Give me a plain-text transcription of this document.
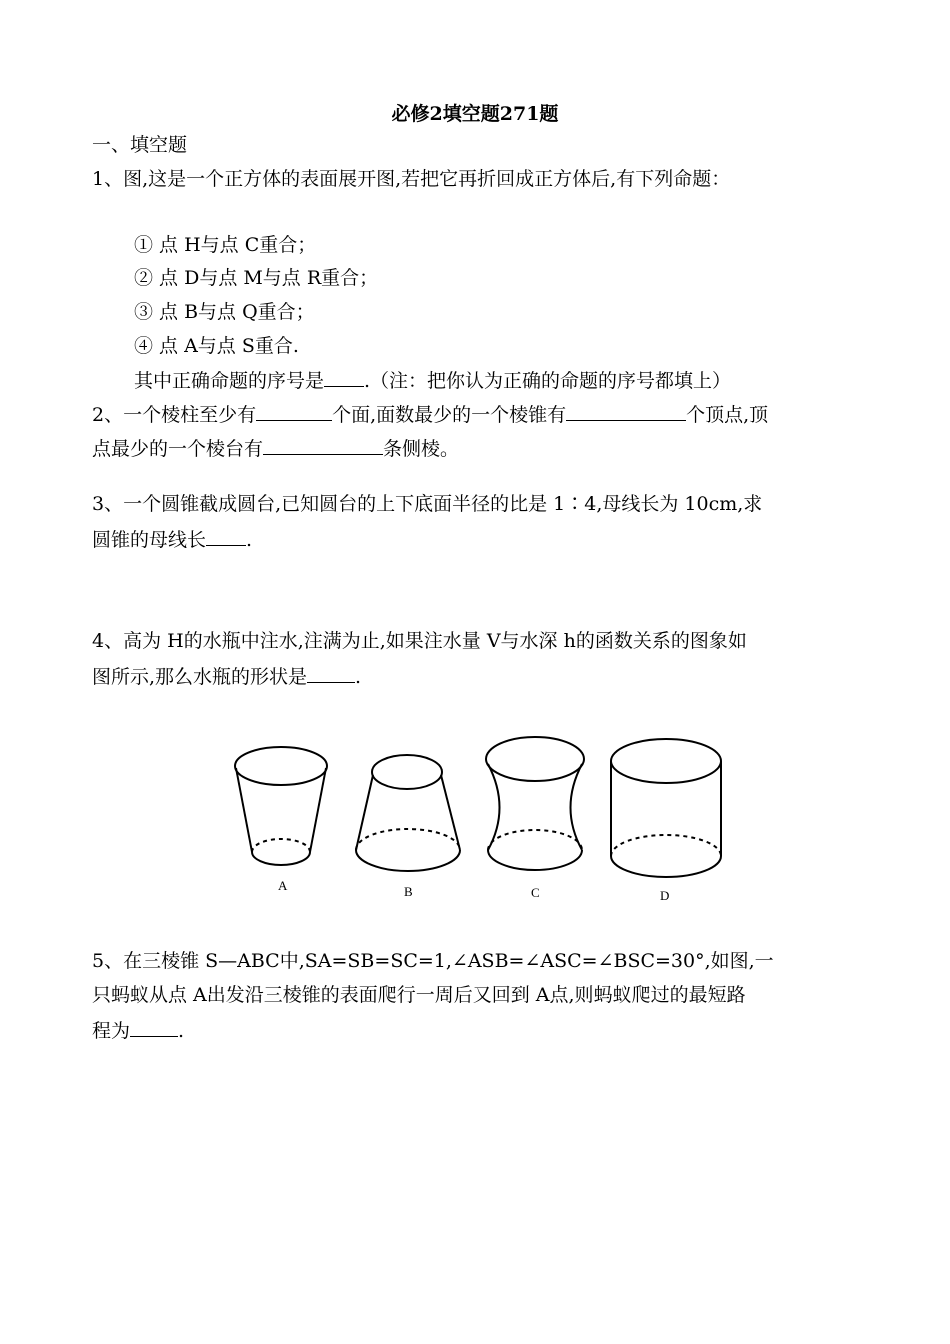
必修2填空题271题
一、填空题
1、图,这是一个正方体的表面展开图,若把它再折回成正方体后,有下列命题：
① 点 H与点 C重合；
② 点 D与点 M与点 R重合；
③ 点 B与点 Q重合；
④ 点 A与点 S重合.
其中正确命题的序号是 .（注：把你认为正确的命题的序号都填上）
2、一个棱柱至少有	个面,面数最少的一个棱锥有	个顶点,顶
点最少的一个棱台有	条侧棱。
3、一个圆锥截成圆台,已知圆台的上下底面半径的比是 1∶4,母线长为 10cm,求
圆锥的母线长 .
4、高为 H的水瓶中注水,注满为止,如果注水量 V与水深 h的函数关系的图象如
图所示,那么水瓶的形状是	.
A	B	C	D
5、在三棱锥 S—ABC中,SA=SB=SC=1,∠ASB=∠ASC=∠BSC=30°,如图,一
只蚂蚁从点 A出发沿三棱锥的表面爬行一周后又回到 A点,则蚂蚁爬过的最短路
程为	.
